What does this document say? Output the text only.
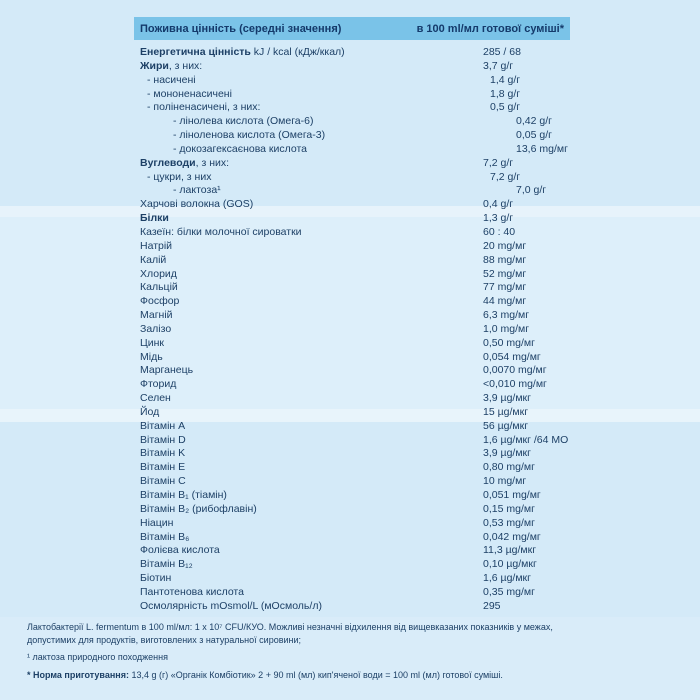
Поживна цінність (середні значення)	в 100 ml/мл готової суміші*
Енергетична цінність kJ / kcal (кДж/ккал)	285 / 68
Жири, з них:	3,7 g/г
- насичені	1,4 g/г
- мононенасичені	1,8 g/г
- поліненасичені, з них:	0,5 g/г
- лінолева кислота (Омега-6)	0,42 g/г
- ліноленова кислота (Омега-3)	0,05 g/г
- докозагексаєнова кислота	13,6 mg/мг
Вуглеводи, з них:	7,2 g/г
- цукри, з них	7,2 g/г
- лактоза¹	7,0 g/г
Харчові волокна (GOS)	0,4 g/г
Білки	1,3 g/г
Казеїн: білки молочної сироватки	60 : 40
Натрій	20 mg/мг
Калій	88 mg/мг
Хлорид	52 mg/мг
Кальцій	77 mg/мг
Фосфор	44 mg/мг
Магній	6,3 mg/мг
Залізо	1,0 mg/мг
Цинк	0,50 mg/мг
Мідь	0,054 mg/мг
Марганець	0,0070 mg/мг
Фторид	<0,010 mg/мг
Селен	3,9 µg/мкг
Йод	15 µg/мкг
Вітамін A	56 µg/мкг
Вітамін D	1,6 µg/мкг /64 МО
Вітамін K	3,9 µg/мкг
Вітамін E	0,80 mg/мг
Вітамін C	10 mg/мг
Вітамін B₁ (тіамін)	0,051 mg/мг
Вітамін B₂ (рибофлавін)	0,15 mg/мг
Ніацин	0,53 mg/мг
Вітамін B₆	0,042 mg/мг
Фолієва кислота	11,3 µg/мкг
Вітамін B₁₂	0,10 µg/мкг
Біотин	1,6 µg/мкг
Пантотенова кислота	0,35 mg/мг
Осмолярність mOsmol/L (мОсмоль/л)	295
Лактобактерії L. fermentum в 100 ml/мл: 1 x 10⁷ CFU/КУО. Можливі незначні відхилення від вищевказаних показників у межах,
допустимих для продуктів, виготовлених з натуральної сировини;
¹ лактоза природного походження
* Норма приготування: 13,4 g (г) «Органік Комбіотик» 2 + 90 ml (мл) кип'яченої води = 100 ml (мл) готової суміші.
